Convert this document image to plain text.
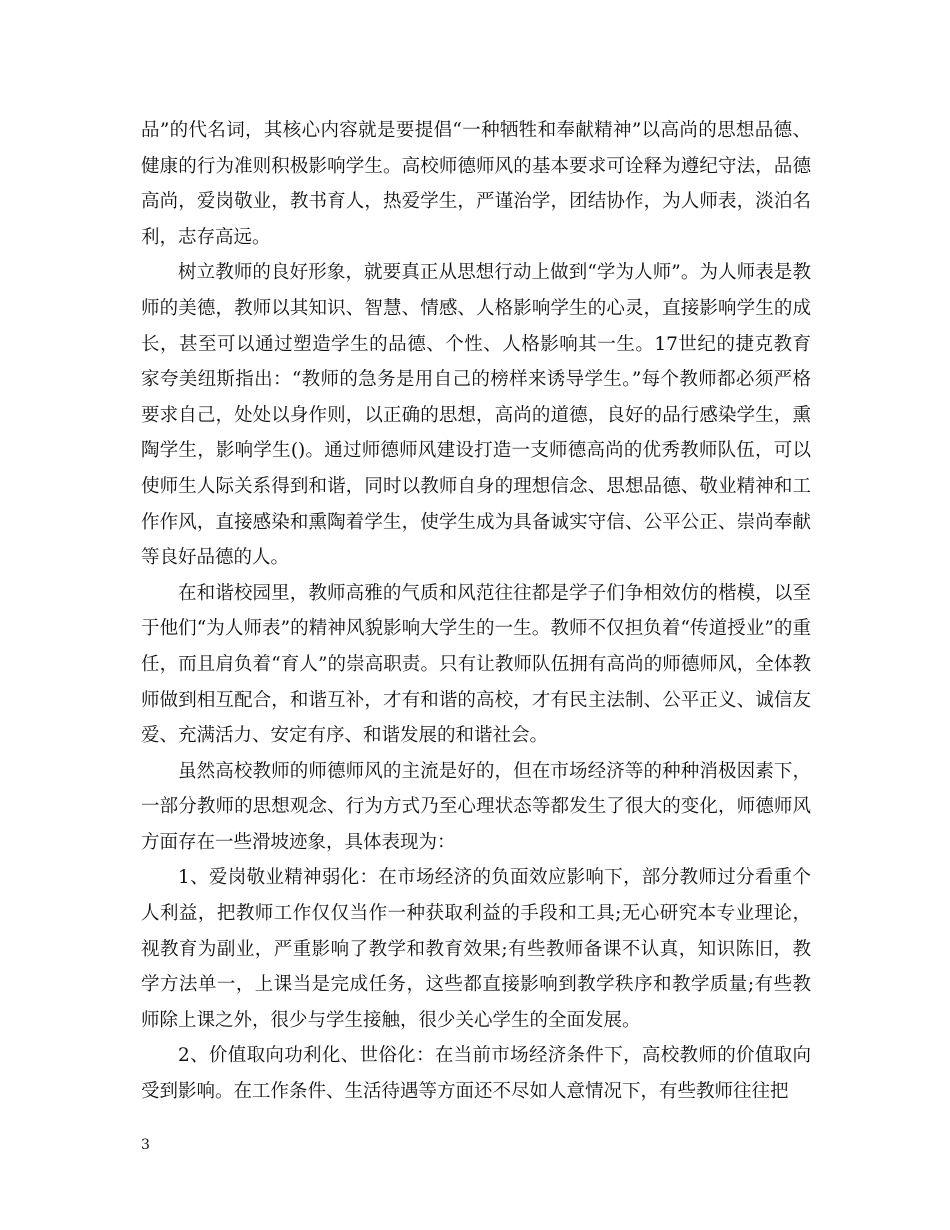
品”的代名词，其核心内容就是要提倡“一种牺牲和奉献精神”以高尚的思想品德、健康的行为准则积极影响学生。高校师德师风的基本要求可诠释为遵纪守法，品德高尚，爱岗敬业，教书育人，热爱学生，严谨治学，团结协作，为人师表，淡泊名利，志存高远。

树立教师的良好形象，就要真正从思想行动上做到“学为人师”。为人师表是教师的美德，教师以其知识、智慧、情感、人格影响学生的心灵，直接影响学生的成长，甚至可以通过塑造学生的品德、个性、人格影响其一生。17世纪的捷克教育家夸美纽斯指出：“教师的急务是用自己的榜样来诱导学生。”每个教师都必须严格要求自己，处处以身作则，以正确的思想，高尚的道德，良好的品行感染学生，熏陶学生，影响学生()。通过师德师风建设打造一支师德高尚的优秀教师队伍，可以使师生人际关系得到和谐，同时以教师自身的理想信念、思想品德、敬业精神和工作作风，直接感染和熏陶着学生，使学生成为具备诚实守信、公平公正、崇尚奉献等良好品德的人。

在和谐校园里，教师高雅的气质和风范往往都是学子们争相效仿的楷模，以至于他们“为人师表”的精神风貌影响大学生的一生。教师不仅担负着“传道授业”的重任，而且肩负着“育人”的崇高职责。只有让教师队伍拥有高尚的师德师风，全体教师做到相互配合，和谐互补，才有和谐的高校，才有民主法制、公平正义、诚信友爱、充满活力、安定有序、和谐发展的和谐社会。

虽然高校教师的师德师风的主流是好的，但在市场经济等的种种消极因素下，一部分教师的思想观念、行为方式乃至心理状态等都发生了很大的变化，师德师风方面存在一些滑坡迹象，具体表现为：

1、爱岗敬业精神弱化：在市场经济的负面效应影响下，部分教师过分看重个人利益，把教师工作仅仅当作一种获取利益的手段和工具;无心研究本专业理论，视教育为副业，严重影响了教学和教育效果;有些教师备课不认真，知识陈旧，教学方法单一，上课当是完成任务，这些都直接影响到教学秩序和教学质量;有些教师除上课之外，很少与学生接触，很少关心学生的全面发展。

2、价值取向功利化、世俗化：在当前市场经济条件下，高校教师的价值取向受到影响。在工作条件、生活待遇等方面还不尽如人意情况下，有些教师往往把

3
